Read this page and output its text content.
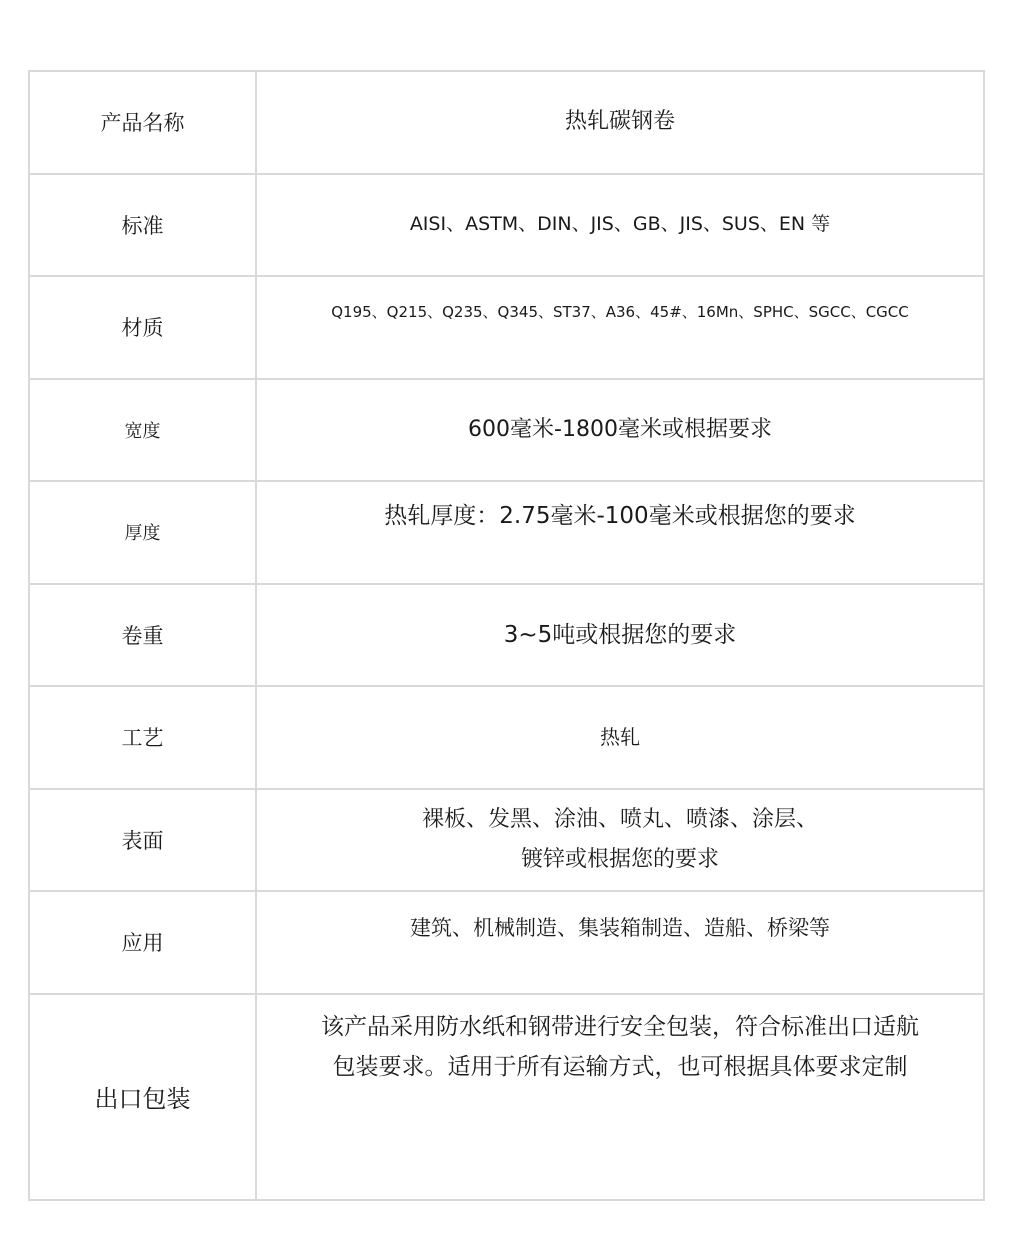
产品名称	热轧碳钢卷
标准	AISI、ASTM、DIN、JIS、GB、JIS、SUS、EN 等
材质	Q195、Q215、Q235、Q345、ST37、A36、45#、16Mn、SPHC、SGCC、CGCC
宽度	600毫米-1800毫米或根据要求
厚度	热轧厚度：2.75毫米-100毫米或根据您的要求
卷重	3~5吨或根据您的要求
工艺	热轧
表面	裸板、发黑、涂油、喷丸、喷漆、涂层、
镀锌或根据您的要求

应用	建筑、机械制造、集装箱制造、造船、桥梁等
出口包装	该产品采用防水纸和钢带进行安全包装，符合标准出口适航
包装要求。适用于所有运输方式，也可根据具体要求定制
